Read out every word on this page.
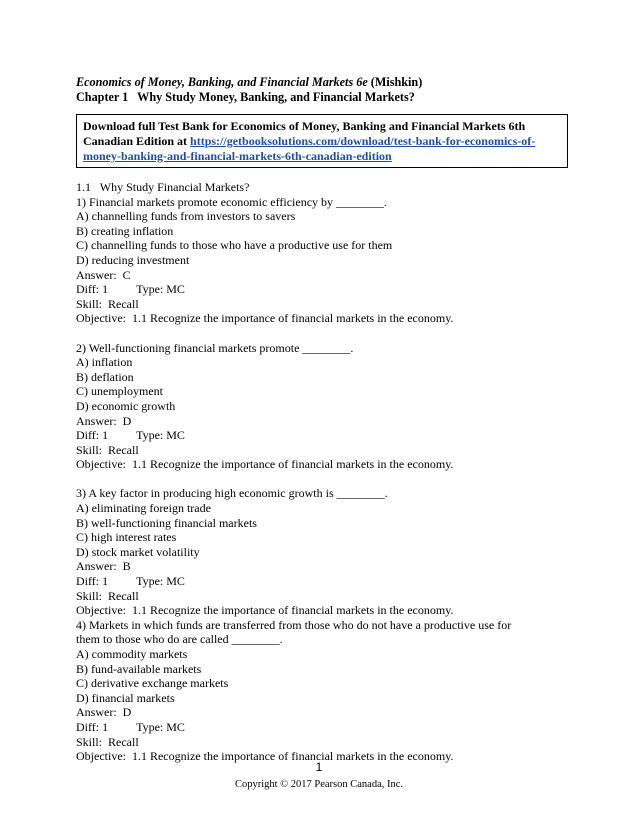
Economics of Money, Banking, and Financial Markets 6e (Mishkin)
Chapter 1   Why Study Money, Banking, and Financial Markets?
Download full Test Bank for Economics of Money, Banking and Financial Markets 6th Canadian Edition at https://getbooksolutions.com/download/test-bank-for-economics-of-money-banking-and-financial-markets-6th-canadian-edition
1.1   Why Study Financial Markets?
1) Financial markets promote economic efficiency by ________.
A) channelling funds from investors to savers
B) creating inflation
C) channelling funds to those who have a productive use for them
D) reducing investment
Answer:  C
Diff: 1 Type: MC
Skill:  Recall
Objective:  1.1 Recognize the importance of financial markets in the economy.
2) Well-functioning financial markets promote ________.
A) inflation
B) deflation
C) unemployment
D) economic growth
Answer:  D
Diff: 1 Type: MC
Skill:  Recall
Objective:  1.1 Recognize the importance of financial markets in the economy.
3) A key factor in producing high economic growth is ________.
A) eliminating foreign trade
B) well-functioning financial markets
C) high interest rates
D) stock market volatility
Answer:  B
Diff: 1 Type: MC
Skill:  Recall
Objective:  1.1 Recognize the importance of financial markets in the economy.
4) Markets in which funds are transferred from those who do not have a productive use for
them to those who do are called ________.
A) commodity markets
B) fund-available markets
C) derivative exchange markets
D) financial markets
Answer:  D
Diff: 1 Type: MC
Skill:  Recall
Objective:  1.1 Recognize the importance of financial markets in the economy.
1
Copyright © 2017 Pearson Canada, Inc.
